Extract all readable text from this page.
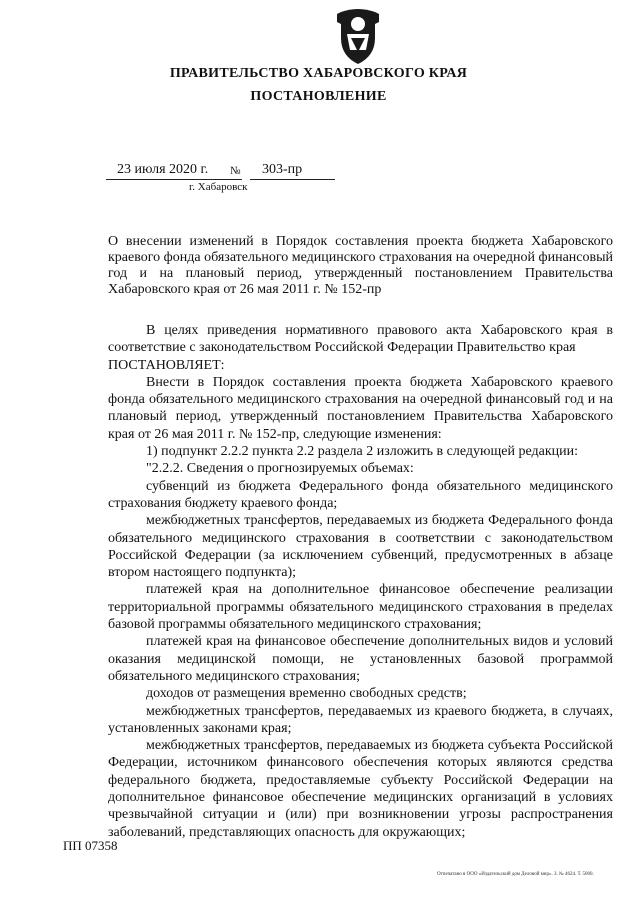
ПРАВИТЕЛЬСТВО ХАБАРОВСКОГО КРАЯ
ПОСТАНОВЛЕНИЕ
23 июля 2020 г. № 303-пр
г. Хабаровск
О внесении изменений в Порядок составления проекта бюджета Хабаровского краевого фонда обязательного медицинского страхования на очередной финансовый год и на плановый период, утвержденный постановлением Правительства Хабаровского края от 26 мая 2011 г. № 152-пр

В целях приведения нормативного правового акта Хабаровского края в соответствие с законодательством Российской Федерации Правительство края

ПОСТАНОВЛЯЕТ:

Внести в Порядок составления проекта бюджета Хабаровского краевого фонда обязательного медицинского страхования на очередной финансовый год и на плановый период, утвержденный постановлением Правительства Хабаровского края от 26 мая 2011 г. № 152-пр, следующие изменения:

1) подпункт 2.2.2 пункта 2.2 раздела 2 изложить в следующей редакции:

"2.2.2. Сведения о прогнозируемых объемах:

субвенций из бюджета Федерального фонда обязательного медицинского страхования бюджету краевого фонда;

межбюджетных трансфертов, передаваемых из бюджета Федерального фонда обязательного медицинского страхования в соответствии с законодательством Российской Федерации (за исключением субвенций, предусмотренных в абзаце втором настоящего подпункта);

платежей края на дополнительное финансовое обеспечение реализации территориальной программы обязательного медицинского страхования в пределах базовой программы обязательного медицинского страхования;

платежей края на финансовое обеспечение дополнительных видов и условий оказания медицинской помощи, не установленных базовой программой обязательного медицинского страхования;

доходов от размещения временно свободных средств;

межбюджетных трансфертов, передаваемых из краевого бюджета, в случаях, установленных законами края;

межбюджетных трансфертов, передаваемых из бюджета субъекта Российской Федерации, источником финансового обеспечения которых являются средства федерального бюджета, предоставляемые субъекту Российской Федерации на дополнительное финансовое обеспечение медицинских организаций в условиях чрезвычайной ситуации и (или) при возникновении угрозы распространения заболеваний, представляющих опасность для окружающих;

ПП 07358
Отпечатано в ООО «Издательский дом Деловой мир». З. № 4624. Т. 5000.
